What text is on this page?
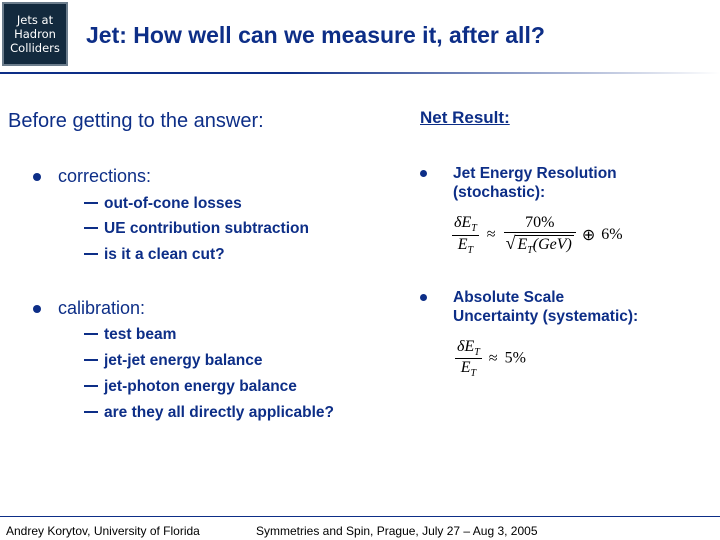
Jets at
Hadron
Colliders Jet: How well can we measure it, after all?
Before getting to the answer:
corrections:
out-of-cone losses
UE contribution subtraction
is it a clean cut?
calibration:
test beam
jet-jet energy balance
jet-photon energy balance
are they all directly applicable?
Net Result:
Jet Energy Resolution
(stochastic):
$\frac{\delta E_T}{E_T} \approx \frac{70\%}{√ E_T(GeV)}$ ⊕ 6%
Absolute Scale
Uncertainty (systematic):
$\frac{\delta E_T}{E_T} \approx 5\%$
Andrey Korytov, University of Florida	Symmetries and Spin, Prague, July 27 – Aug 3, 2005
